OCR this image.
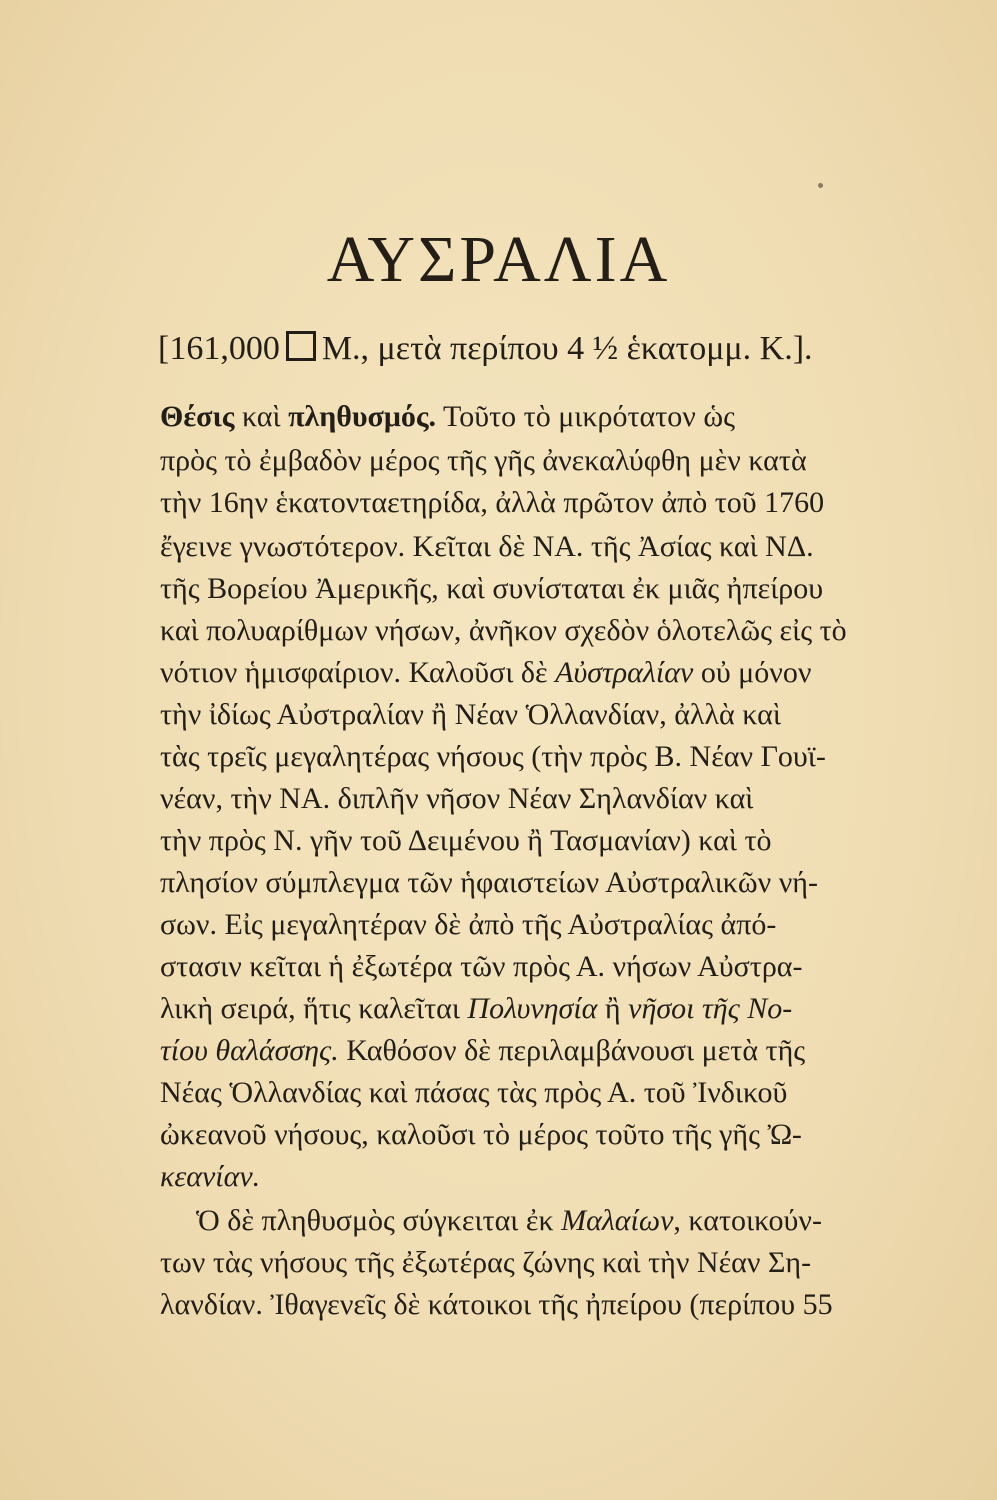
ΑΥΣΡΑΛΙΑ
[161,000 Μ., μετὰ περίπου 4 ½ ἑκατομμ. Κ.].
Θέσις καὶ πληθυσμός. Τοῦτο τὸ μικρότατον ὡς
πρὸς τὸ ἐμβαδὸν μέρος τῆς γῆς ἀνεκαλύφθη μὲν κατὰ
τὴν 16ην ἑκατονταετηρίδα, ἀλλὰ πρῶτον ἀπὸ τοῦ 1760
ἔγεινε γνωστότερον. Κεῖται δὲ ΝΑ. τῆς Ἀσίας καὶ ΝΔ.
τῆς Βορείου Ἀμερικῆς, καὶ συνίσταται ἐκ μιᾶς ἠπείρου
καὶ πολυαρίθμων νήσων, ἀνῆκον σχεδὸν ὁλοτελῶς εἰς τὸ
νότιον ἡμισφαίριον. Καλοῦσι δὲ Αὐστραλίαν οὐ μόνον
τὴν ἰδίως Αὐστραλίαν ἢ Νέαν Ὁλλανδίαν, ἀλλὰ καὶ
τὰς τρεῖς μεγαλητέρας νήσους (τὴν πρὸς Β. Νέαν Γουϊ-
νέαν, τὴν ΝΑ. διπλῆν νῆσον Νέαν Σηλανδίαν καὶ
τὴν πρὸς Ν. γῆν τοῦ Δειμένου ἢ Τασμανίαν) καὶ τὸ
πλησίον σύμπλεγμα τῶν ἡφαιστείων Αὐστραλικῶν νή-
σων. Εἰς μεγαλητέραν δὲ ἀπὸ τῆς Αὐστραλίας ἀπό-
στασιν κεῖται ἡ ἐξωτέρα τῶν πρὸς Α. νήσων Αὐστρα-
λικὴ σειρά, ἥτις καλεῖται Πολυνησία ἢ νῆσοι τῆς Νο-
τίου θαλάσσης. Καθόσον δὲ περιλαμβάνουσι μετὰ τῆς
Νέας Ὁλλανδίας καὶ πάσας τὰς πρὸς Α. τοῦ Ἰνδικοῦ
ὠκεανοῦ νήσους, καλοῦσι τὸ μέρος τοῦτο τῆς γῆς Ὠ-
κεανίαν.
Ὁ δὲ πληθυσμὸς σύγκειται ἐκ Μαλαίων, κατοικούν-
των τὰς νήσους τῆς ἐξωτέρας ζώνης καὶ τὴν Νέαν Ση-
λανδίαν. Ἰθαγενεῖς δὲ κάτοικοι τῆς ἠπείρου (περίπου 55
